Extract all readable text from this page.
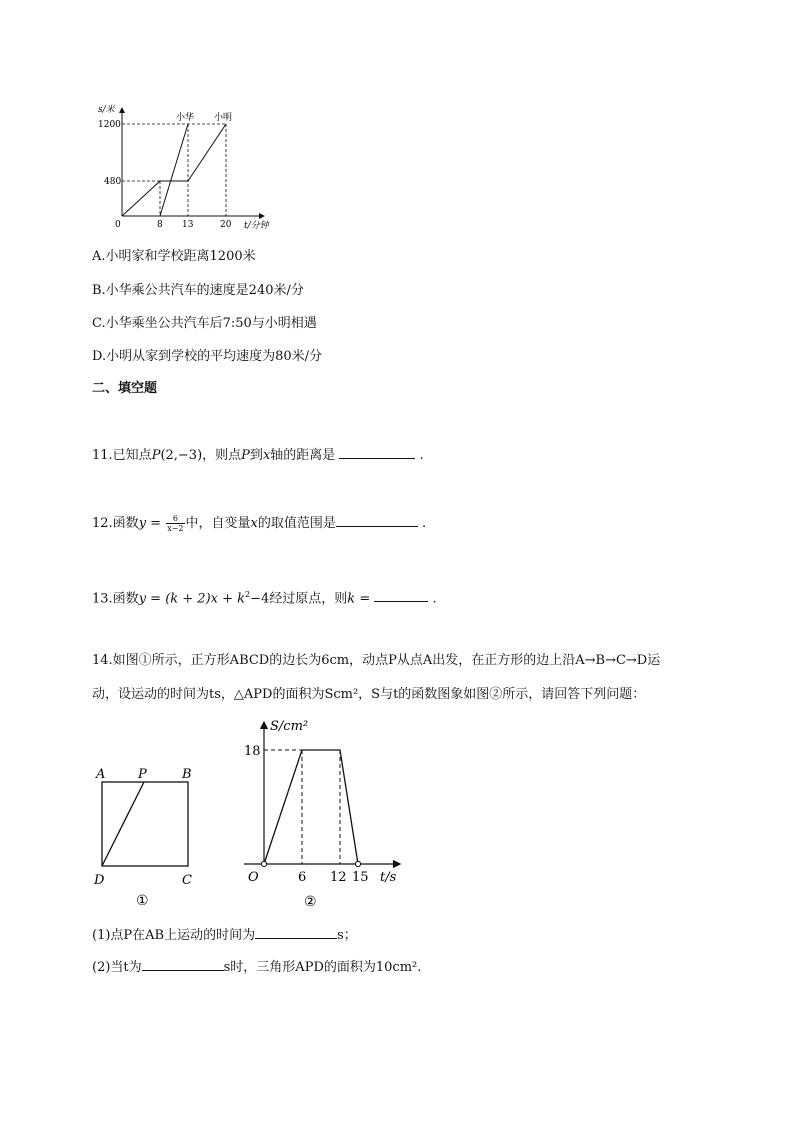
s/米
1200
480
0	8 13	20 t/分钟
小华 小明
A.小明家和学校距离1200米
B.小华乘公共汽车的速度是240米/分
C.小华乘坐公共汽车后7:50与小明相遇
D.小明从家到学校的平均速度为80米/分
二、填空题
11.已知点P(2,−3)，则点P到x轴的距离是	.
12.函数$y = \frac{6}{x-2}$ 中，自变量x的取值范围是	.
13.函数$y = (k + 2)x + k^2-4$经过原点，则k =	.
14.如图①所示，正方形ABCD的边长为6cm，动点P从点A出发，在正方形的边上沿A→B→C→D运
动，设运动的时间为ts，△APD的面积为Scm²，S与t的函数图象如图②所示，请回答下列问题：
A	P	B
D	C
①
S/cm²
18
O	6 12 15 t/s
②
(1)点P在AB上运动的时间为	s；
(2)当t为	s时，三角形APD的面积为10cm².
